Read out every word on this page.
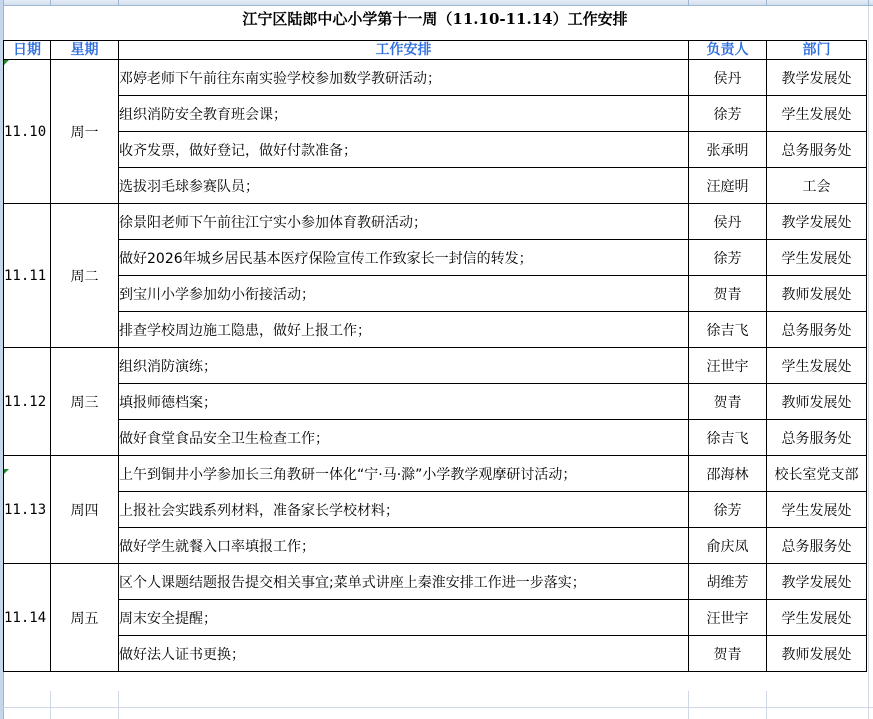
江宁区陆郎中心小学第十一周（11.10-11.14）工作安排
日期	星期	工作安排	负责人	部门
11.10	周一	邓婷老师下午前往东南实验学校参加数学教研活动；	侯丹	教学发展处
		组织消防安全教育班会课；	徐芳	学生发展处
		收齐发票，做好登记，做好付款准备；	张承明	总务服务处
		选拔羽毛球参赛队员；	汪庭明	工会
11.11	周二	徐景阳老师下午前往江宁实小参加体育教研活动；	侯丹	教学发展处
		做好2026年城乡居民基本医疗保险宣传工作致家长一封信的转发；	徐芳	学生发展处
		到宝川小学参加幼小衔接活动；	贺青	教师发展处
		排查学校周边施工隐患，做好上报工作；	徐吉飞	总务服务处
11.12	周三	组织消防演练；	汪世宇	学生发展处
		填报师德档案；	贺青	教师发展处
		做好食堂食品安全卫生检查工作；	徐吉飞	总务服务处
11.13	周四	上午到铜井小学参加长三角教研一体化“宁·马·滁”小学教学观摩研讨活动；	邵海林	校长室党支部
		上报社会实践系列材料，准备家长学校材料；	徐芳	学生发展处
		做好学生就餐入口率填报工作；	俞庆凤	总务服务处
11.14	周五	区个人课题结题报告提交相关事宜;菜单式讲座上秦淮安排工作进一步落实；	胡维芳	教学发展处
		周末安全提醒；	汪世宇	学生发展处
		做好法人证书更换；	贺青	教师发展处
